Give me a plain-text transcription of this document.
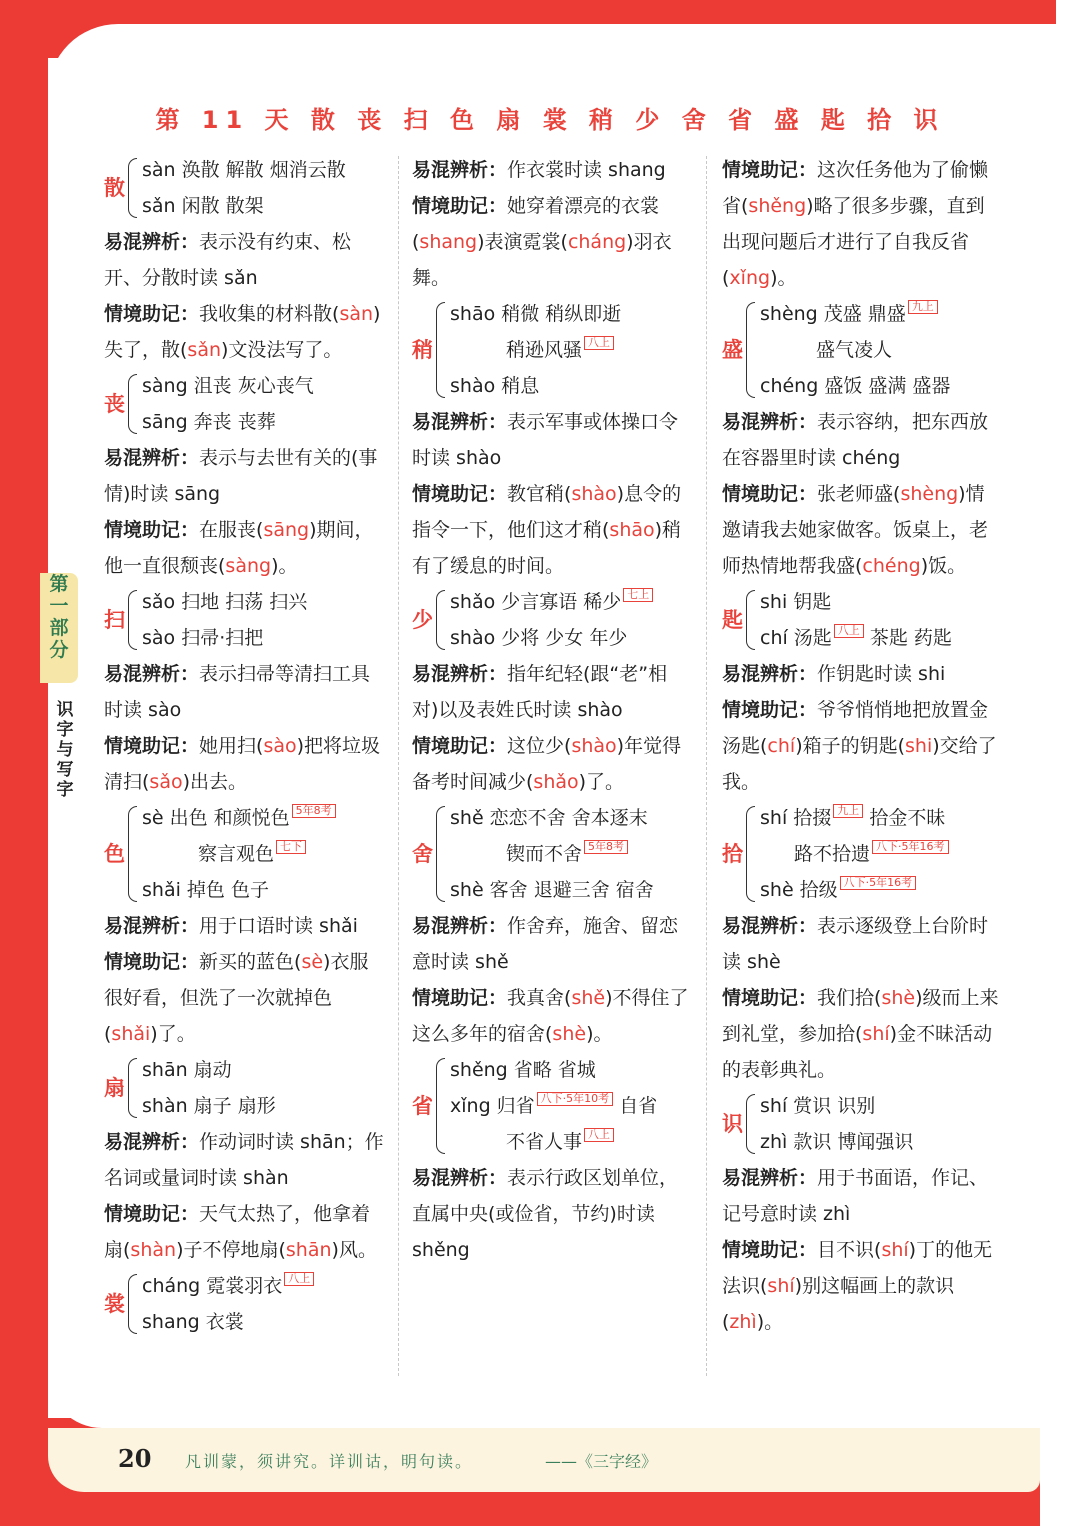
第 11 天 散 丧 扫 色 扇 裳 稍 少 舍 省 盛 匙 拾 识
第
一
部
分
识
字
与
写
字
散
sàn 涣散 解散 烟消云散
sǎn 闲散 散架

易混辨析：表示没有约束、松开、分散时读 sǎn

情境助记：我收集的材料散(sàn)失了，散(sǎn)文没法写了。

丧
sàng 沮丧 灰心丧气
sāng 奔丧 丧葬

易混辨析：表示与去世有关的(事情)时读 sāng

情境助记：在服丧(sāng)期间，他一直很颓丧(sàng)。

扫
sǎo 扫地 扫荡 扫兴
sào 扫帚·扫把

易混辨析：表示扫帚等清扫工具时读 sào

情境助记：她用扫(sào)把将垃圾清扫(sǎo)出去。

色
sè 出色 和颜悦色 5年8考
察言观色 七下
shǎi 掉色 色子

易混辨析：用于口语时读 shǎi

情境助记：新买的蓝色(sè)衣服很好看，但洗了一次就掉色(shǎi)了。

扇
shān 扇动
shàn 扇子 扇形

易混辨析：作动词时读 shān；作名词或量词时读 shàn

情境助记：天气太热了，他拿着扇(shàn)子不停地扇(shān)风。

裳
cháng 霓裳羽衣 八上
shang 衣裳

易混辨析：作衣裳时读 shang

情境助记：她穿着漂亮的衣裳(shang)表演霓裳(cháng)羽衣舞。

稍
shāo 稍微 稍纵即逝
稍逊风骚 八上
shào 稍息

易混辨析：表示军事或体操口令时读 shào

情境助记：教官稍(shào)息令的指令一下，他们这才稍(shāo)稍有了缓息的时间。

少
shǎo 少言寡语 稀少 七上
shào 少将 少女 年少

易混辨析：指年纪轻(跟“老”相对)以及表姓氏时读 shào

情境助记：这位少(shào)年觉得备考时间减少(shǎo)了。

舍
shě 恋恋不舍 舍本逐末
锲而不舍 5年8考
shè 客舍 退避三舍 宿舍

易混辨析：作舍弃，施舍、留恋意时读 shě

情境助记：我真舍(shě)不得住了这么多年的宿舍(shè)。

省
shěng 省略 省城
xǐng 归省 八下·5年10考 自省
不省人事 八上

易混辨析：表示行政区划单位，直属中央(或俭省，节约)时读 shěng

情境助记：这次任务他为了偷懒省(shěng)略了很多步骤，直到出现问题后才进行了自我反省(xǐng)。

盛
shèng 茂盛 鼎盛 九上
盛气凌人
chéng 盛饭 盛满 盛器

易混辨析：表示容纳，把东西放在容器里时读 chéng

情境助记：张老师盛(shèng)情邀请我去她家做客。饭桌上，老师热情地帮我盛(chéng)饭。

匙
shi 钥匙
chí 汤匙 八上 茶匙 药匙

易混辨析：作钥匙时读 shi

情境助记：爷爷悄悄地把放置金汤匙(chí)箱子的钥匙(shi)交给了我。

拾
shí 拾掇 九上 拾金不昧
路不拾遗 八下·5年16考
shè 拾级 八下·5年16考

易混辨析：表示逐级登上台阶时读 shè

情境助记：我们拾(shè)级而上来到礼堂，参加拾(shí)金不昧活动的表彰典礼。

识
shí 赏识 识别
zhì 款识 博闻强识

易混辨析：用于书面语，作记、记号意时读 zhì

情境助记：目不识(shí)丁的他无法识(shí)别这幅画上的款识(zhì)。

20 凡训蒙，须讲究。详训诂，明句读。	——《三字经》
